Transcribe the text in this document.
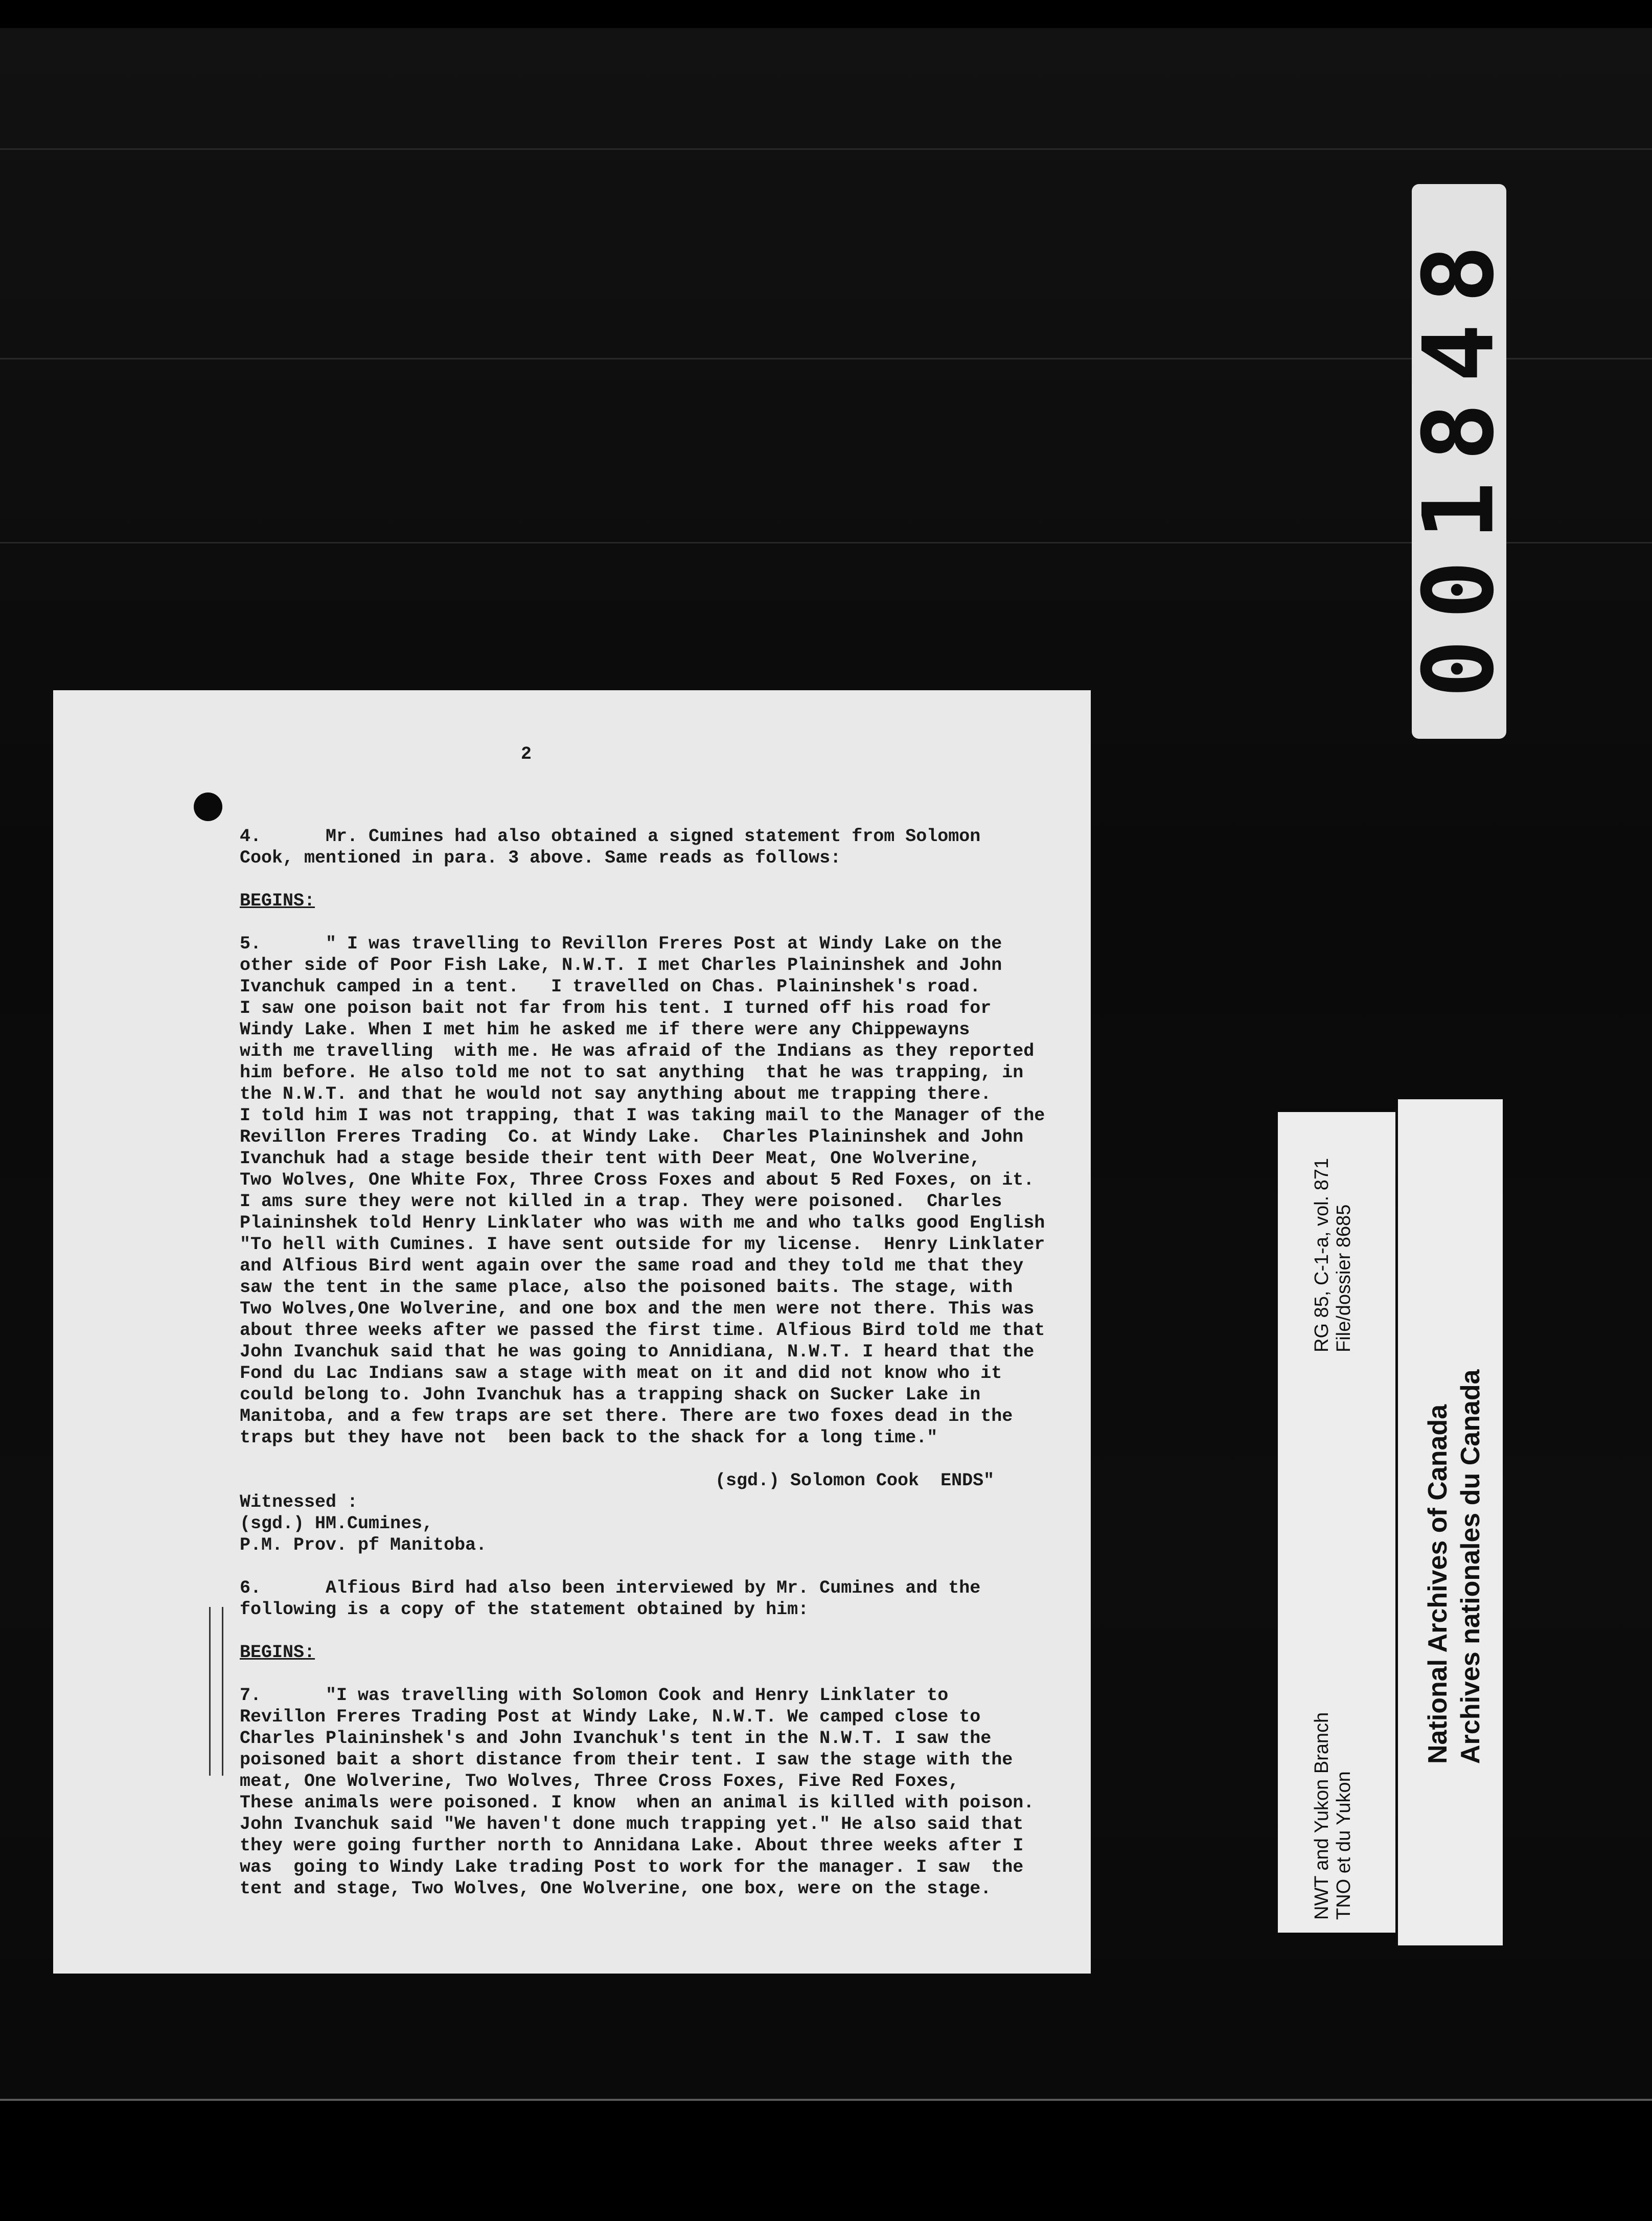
001848
NWT and Yukon Branch TNO et du Yukon
RG 85, C-1-a, vol. 871 File/dossier 8685
National Archives of Canada Archives nationales du Canada
2
4.      Mr. Cumines had also obtained a signed statement from Solomon
Cook, mentioned in para. 3 above. Same reads as follows:
BEGINS:
5.      " I was travelling to Revillon Freres Post at Windy Lake on the
other side of Poor Fish Lake, N.W.T. I met Charles Plaininshek and John
Ivanchuk camped in a tent.   I travelled on Chas. Plaininshek's road.
I saw one poison bait not far from his tent. I turned off his road for
Windy Lake. When I met him he asked me if there were any Chippewayns
with me travelling  with me. He was afraid of the Indians as they reported
him before. He also told me not to sat anything  that he was trapping, in
the N.W.T. and that he would not say anything about me trapping there.
I told him I was not trapping, that I was taking mail to the Manager of the
Revillon Freres Trading  Co. at Windy Lake.  Charles Plaininshek and John
Ivanchuk had a stage beside their tent with Deer Meat, One Wolverine,
Two Wolves, One White Fox, Three Cross Foxes and about 5 Red Foxes, on it.
I ams sure they were not killed in a trap. They were poisoned.  Charles
Plaininshek told Henry Linklater who was with me and who talks good English
"To hell with Cumines. I have sent outside for my license.  Henry Linklater
and Alfious Bird went again over the same road and they told me that they
saw the tent in the same place, also the poisoned baits. The stage, with
Two Wolves,One Wolverine, and one box and the men were not there. This was
about three weeks after we passed the first time. Alfious Bird told me that
John Ivanchuk said that he was going to Annidiana, N.W.T. I heard that the
Fond du Lac Indians saw a stage with meat on it and did not know who it
could belong to. John Ivanchuk has a trapping shack on Sucker Lake in
Manitoba, and a few traps are set there. There are two foxes dead in the
traps but they have not  been back to the shack for a long time."
(sgd.) Solomon Cook  ENDS"
Witnessed :
(sgd.) HM.Cumines,
P.M. Prov. pf Manitoba.
6.      Alfious Bird had also been interviewed by Mr. Cumines and the
following is a copy of the statement obtained by him:
BEGINS:
7.      "I was travelling with Solomon Cook and Henry Linklater to
Revillon Freres Trading Post at Windy Lake, N.W.T. We camped close to
Charles Plaininshek's and John Ivanchuk's tent in the N.W.T. I saw the
poisoned bait a short distance from their tent. I saw the stage with the
meat, One Wolverine, Two Wolves, Three Cross Foxes, Five Red Foxes,
These animals were poisoned. I know  when an animal is killed with poison.
John Ivanchuk said "We haven't done much trapping yet." He also said that
they were going further north to Annidana Lake. About three weeks after I
was  going to Windy Lake trading Post to work for the manager. I saw  the
tent and stage, Two Wolves, One Wolverine, one box, were on the stage.
